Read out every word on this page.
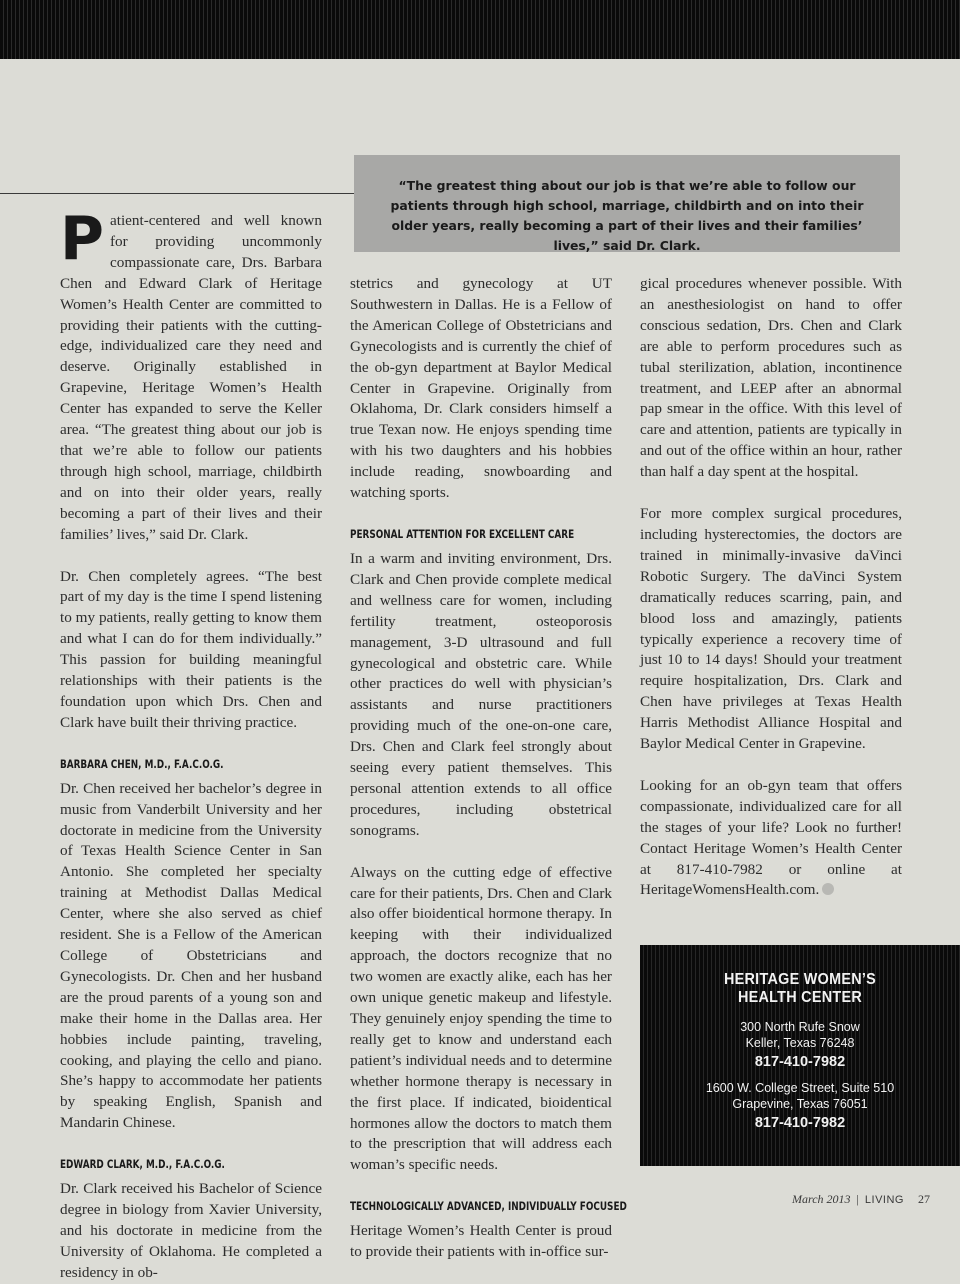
“The greatest thing about our job is that we’re able to follow our patients through high school, marriage, childbirth and on into their older years, really becoming a part of their lives and their families’ lives,” said Dr. Clark.

Patient-centered and well known for providing uncommonly compassionate care, Drs. Barbara Chen and Edward Clark of Heritage Women’s Health Center are committed to providing their patients with the cutting-edge, individualized care they need and deserve. Originally established in Grapevine, Heritage Women’s Health Center has expanded to serve the Keller area. “The greatest thing about our job is that we’re able to follow our patients through high school, marriage, childbirth and on into their older years, really becoming a part of their lives and their families’ lives,” said Dr. Clark.

Dr. Chen completely agrees. “The best part of my day is the time I spend listening to my patients, really getting to know them and what I can do for them individually.” This passion for building meaningful relationships with their patients is the foundation upon which Drs. Chen and Clark have built their thriving practice.

BARBARA CHEN, M.D., F.A.C.O.G.

Dr. Chen received her bachelor’s degree in music from Vanderbilt University and her doctorate in medicine from the University of Texas Health Science Center in San Antonio. She completed her specialty training at Methodist Dallas Medical Center, where she also served as chief resident. She is a Fellow of the American College of Obstetricians and Gynecologists. Dr. Chen and her husband are the proud parents of a young son and make their home in the Dallas area. Her hobbies include painting, traveling, cooking, and playing the cello and piano. She’s happy to accommodate her patients by speaking English, Spanish and Mandarin Chinese.

EDWARD CLARK, M.D., F.A.C.O.G.

Dr. Clark received his Bachelor of Science degree in biology from Xavier University, and his doctorate in medicine from the University of Oklahoma. He completed a residency in ob-

stetrics and gynecology at UT Southwestern in Dallas. He is a Fellow of the American College of Obstetricians and Gynecologists and is currently the chief of the ob-gyn department at Baylor Medical Center in Grapevine. Originally from Oklahoma, Dr. Clark considers himself a true Texan now. He enjoys spending time with his two daughters and his hobbies include reading, snowboarding and watching sports.

PERSONAL ATTENTION FOR EXCELLENT CARE

In a warm and inviting environment, Drs. Clark and Chen provide complete medical and wellness care for women, including fertility treatment, osteoporosis management, 3-D ultrasound and full gynecological and obstetric care. While other practices do well with physician’s assistants and nurse practitioners providing much of the one-on-one care, Drs. Chen and Clark feel strongly about seeing every patient themselves. This personal attention extends to all office procedures, including obstetrical sonograms.

Always on the cutting edge of effective care for their patients, Drs. Chen and Clark also offer bioidentical hormone therapy. In keeping with their individualized approach, the doctors recognize that no two women are exactly alike, each has her own unique genetic makeup and lifestyle. They genuinely enjoy spending the time to really get to know and understand each patient’s individual needs and to determine whether hormone therapy is necessary in the first place. If indicated, bioidentical hormones allow the doctors to match them to the prescription that will address each woman’s specific needs.

TECHNOLOGICALLY ADVANCED, INDIVIDUALLY FOCUSED

Heritage Women’s Health Center is proud to provide their patients with in-office sur-

gical procedures whenever possible. With an anesthesiologist on hand to offer conscious sedation, Drs. Chen and Clark are able to perform procedures such as tubal sterilization, ablation, incontinence treatment, and LEEP after an abnormal pap smear in the office. With this level of care and attention, patients are typically in and out of the office within an hour, rather than half a day spent at the hospital.

For more complex surgical procedures, including hysterectomies, the doctors are trained in minimally-invasive daVinci Robotic Surgery. The daVinci System dramatically reduces scarring, pain, and blood loss and amazingly, patients typically experience a recovery time of just 10 to 14 days! Should your treatment require hospitalization, Drs. Clark and Chen have privileges at Texas Health Harris Methodist Alliance Hospital and Baylor Medical Center in Grapevine.

Looking for an ob-gyn team that offers compassionate, individualized care for all the stages of your life? Look no further! Contact Heritage Women’s Health Center at 817-410-7982 or online at HeritageWomensHealth.com.

HERITAGE WOMEN’S
HEALTH CENTER
300 North Rufe Snow
Keller, Texas 76248
817-410-7982
1600 W. College Street, Suite 510
Grapevine, Texas 76051
817-410-7982
March 2013 | LIVING 27
